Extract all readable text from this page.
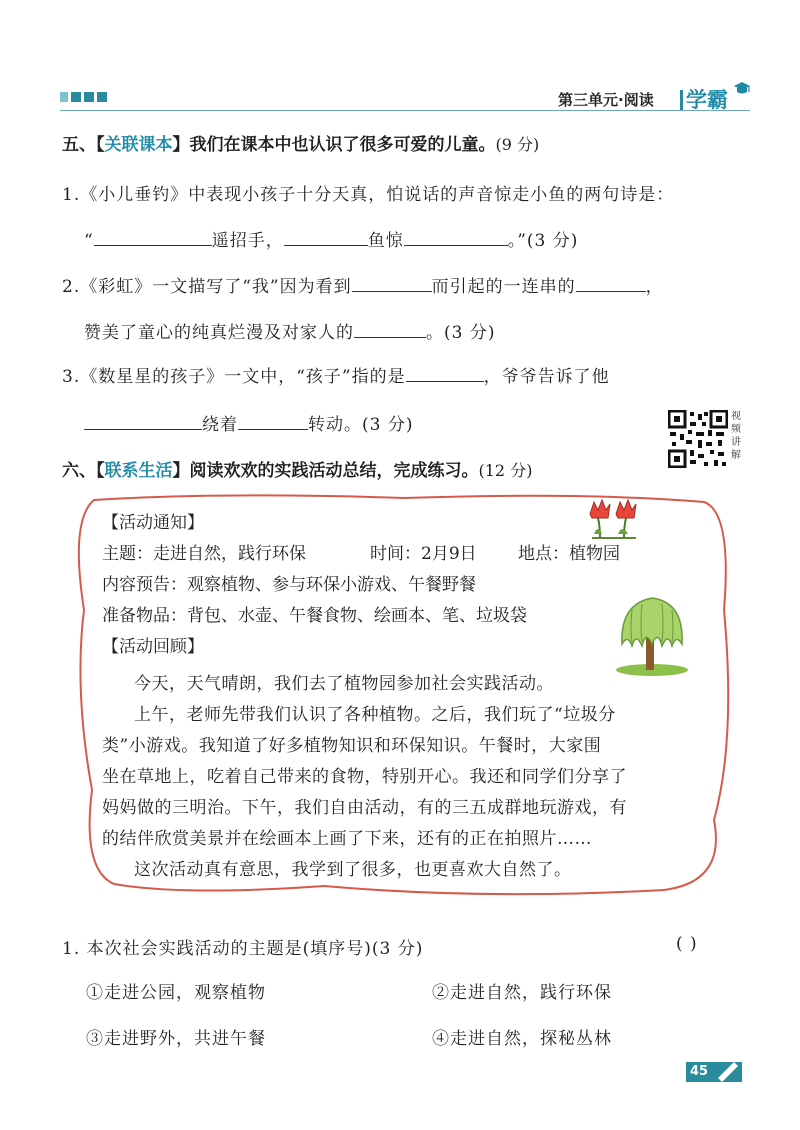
第三单元·阅读 学霸
五、【关联课本】我们在课本中也认识了很多可爱的儿童。(9 分)
1.《小儿垂钓》中表现小孩子十分天真，怕说话的声音惊走小鱼的两句诗是：
“	遥招手，	鱼惊	。”(3 分)
2.《彩虹》一文描写了“我”因为看到	而引起的一连串的	，
赞美了童心的纯真烂漫及对家人的	。(3 分)
3.《数星星的孩子》一文中，“孩子”指的是	，爷爷告诉了他
绕着	转动。(3 分)	视频讲解
六、【联系生活】阅读欢欢的实践活动总结，完成练习。(12 分)
【活动通知】
主题：走进自然，践行环保	时间：2月9日 地点：植物园
内容预告：观察植物、参与环保小游戏、午餐野餐
准备物品：背包、水壶、午餐食物、绘画本、笔、垃圾袋
【活动回顾】
今天，天气晴朗，我们去了植物园参加社会实践活动。
上午，老师先带我们认识了各种植物。之后，我们玩了“垃圾分
类”小游戏。我知道了好多植物知识和环保知识。午餐时，大家围
坐在草地上，吃着自己带来的食物，特别开心。我还和同学们分享了
妈妈做的三明治。下午，我们自由活动，有的三五成群地玩游戏，有
的结伴欣赏美景并在绘画本上画了下来，还有的正在拍照片……
这次活动真有意思，我学到了很多，也更喜欢大自然了。
1. 本次社会实践活动的主题是(填序号)(3 分)	( )
①走进公园，观察植物	②走进自然，践行环保
③走进野外，共进午餐	④走进自然，探秘丛林
45
